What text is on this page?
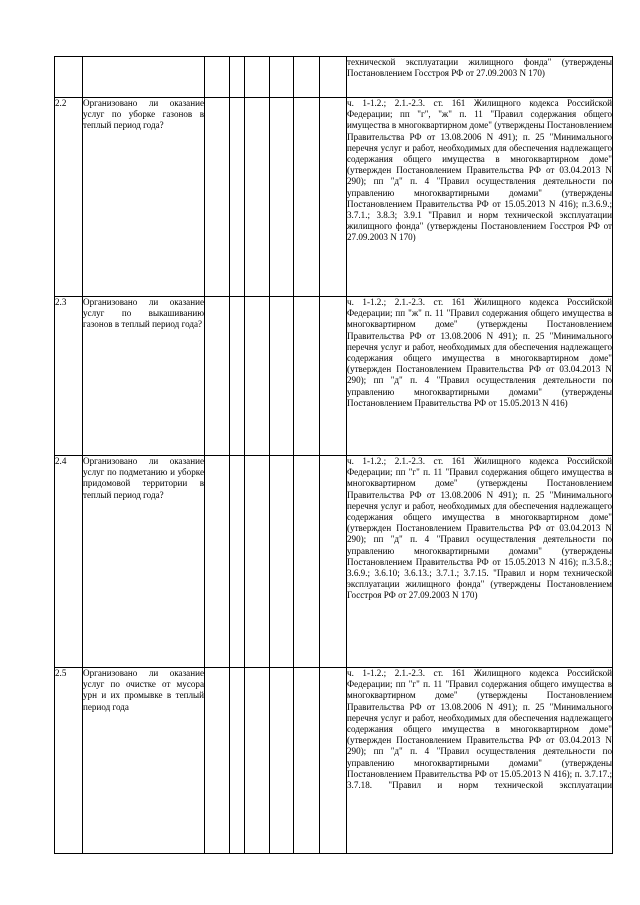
								технической эксплуатации жилищного фонда" (утверждены Постановлением Госстроя РФ от 27.09.2003 N 170)

2.2	Организовано ли оказание услуг по уборке газонов в теплый период года?							ч. 1-1.2.; 2.1.-2.3. ст. 161 Жилищного кодекса Российской Федерации; пп "г", "ж" п. 11 "Правил содержания общего имущества в многоквартирном доме" (утверждены Постановлением Правительства РФ от 13.08.2006 N 491); п. 25 "Минимального перечня услуг и работ, необходимых для обеспечения надлежащего содержания общего имущества в многоквартирном доме" (утвержден Постановлением Правительства РФ от 03.04.2013 N 290); пп "д" п. 4 "Правил осуществления деятельности по управлению многоквартирными домами" (утверждены Постановлением Правительства РФ от 15.05.2013 N 416); п.3.6.9.; 3.7.1.; 3.8.3; 3.9.1 "Правил и норм технической эксплуатации жилищного фонда" (утверждены Постановлением Госстроя РФ от 27.09.2003 N 170)

2.3	Организовано ли оказание услуг по выкашиванию газонов в теплый период года?							ч. 1-1.2.; 2.1.-2.3. ст. 161 Жилищного кодекса Российской Федерации; пп "ж" п. 11 "Правил содержания общего имущества в многоквартирном доме" (утверждены Постановлением Правительства РФ от 13.08.2006 N 491); п. 25 "Минимального перечня услуг и работ, необходимых для обеспечения надлежащего содержания общего имущества в многоквартирном доме" (утвержден Постановлением Правительства РФ от 03.04.2013 N 290); пп "д" п. 4 "Правил осуществления деятельности по управлению многоквартирными домами" (утверждены Постановлением Правительства РФ от 15.05.2013 N 416)

2.4	Организовано ли оказание услуг по подметанию и уборке придомовой территории в теплый период года?							ч. 1-1.2.; 2.1.-2.3. ст. 161 Жилищного кодекса Российской Федерации; пп "г" п. 11 "Правил содержания общего имущества в многоквартирном доме" (утверждены Постановлением Правительства РФ от 13.08.2006 N 491); п. 25 "Минимального перечня услуг и работ, необходимых для обеспечения надлежащего содержания общего имущества в многоквартирном доме" (утвержден Постановлением Правительства РФ от 03.04.2013 N 290); пп "д" п. 4 "Правил осуществления деятельности по управлению многоквартирными домами" (утверждены Постановлением Правительства РФ от 15.05.2013 N 416); п.3.5.8.; 3.6.9.; 3.6.10; 3.6.13.; 3.7.1.; 3.7.15. "Правил и норм технической эксплуатации жилищного фонда" (утверждены Постановлением Госстроя РФ от 27.09.2003 N 170)

2.5	Организовано ли оказание услуг по очистке от мусора урн и их промывке в теплый период года							ч. 1-1.2.; 2.1.-2.3. ст. 161 Жилищного кодекса Российской Федерации; пп "г" п. 11 "Правил содержания общего имущества в многоквартирном доме" (утверждены Постановлением Правительства РФ от 13.08.2006 N 491); п. 25 "Минимального перечня услуг и работ, необходимых для обеспечения надлежащего содержания общего имущества в многоквартирном доме" (утвержден Постановлением Правительства РФ от 03.04.2013 N 290); пп "д" п. 4 "Правил осуществления деятельности по управлению многоквартирными домами" (утверждены Постановлением Правительства РФ от 15.05.2013 N 416); п. 3.7.17.; 3.7.18. "Правил и норм технической эксплуатации
